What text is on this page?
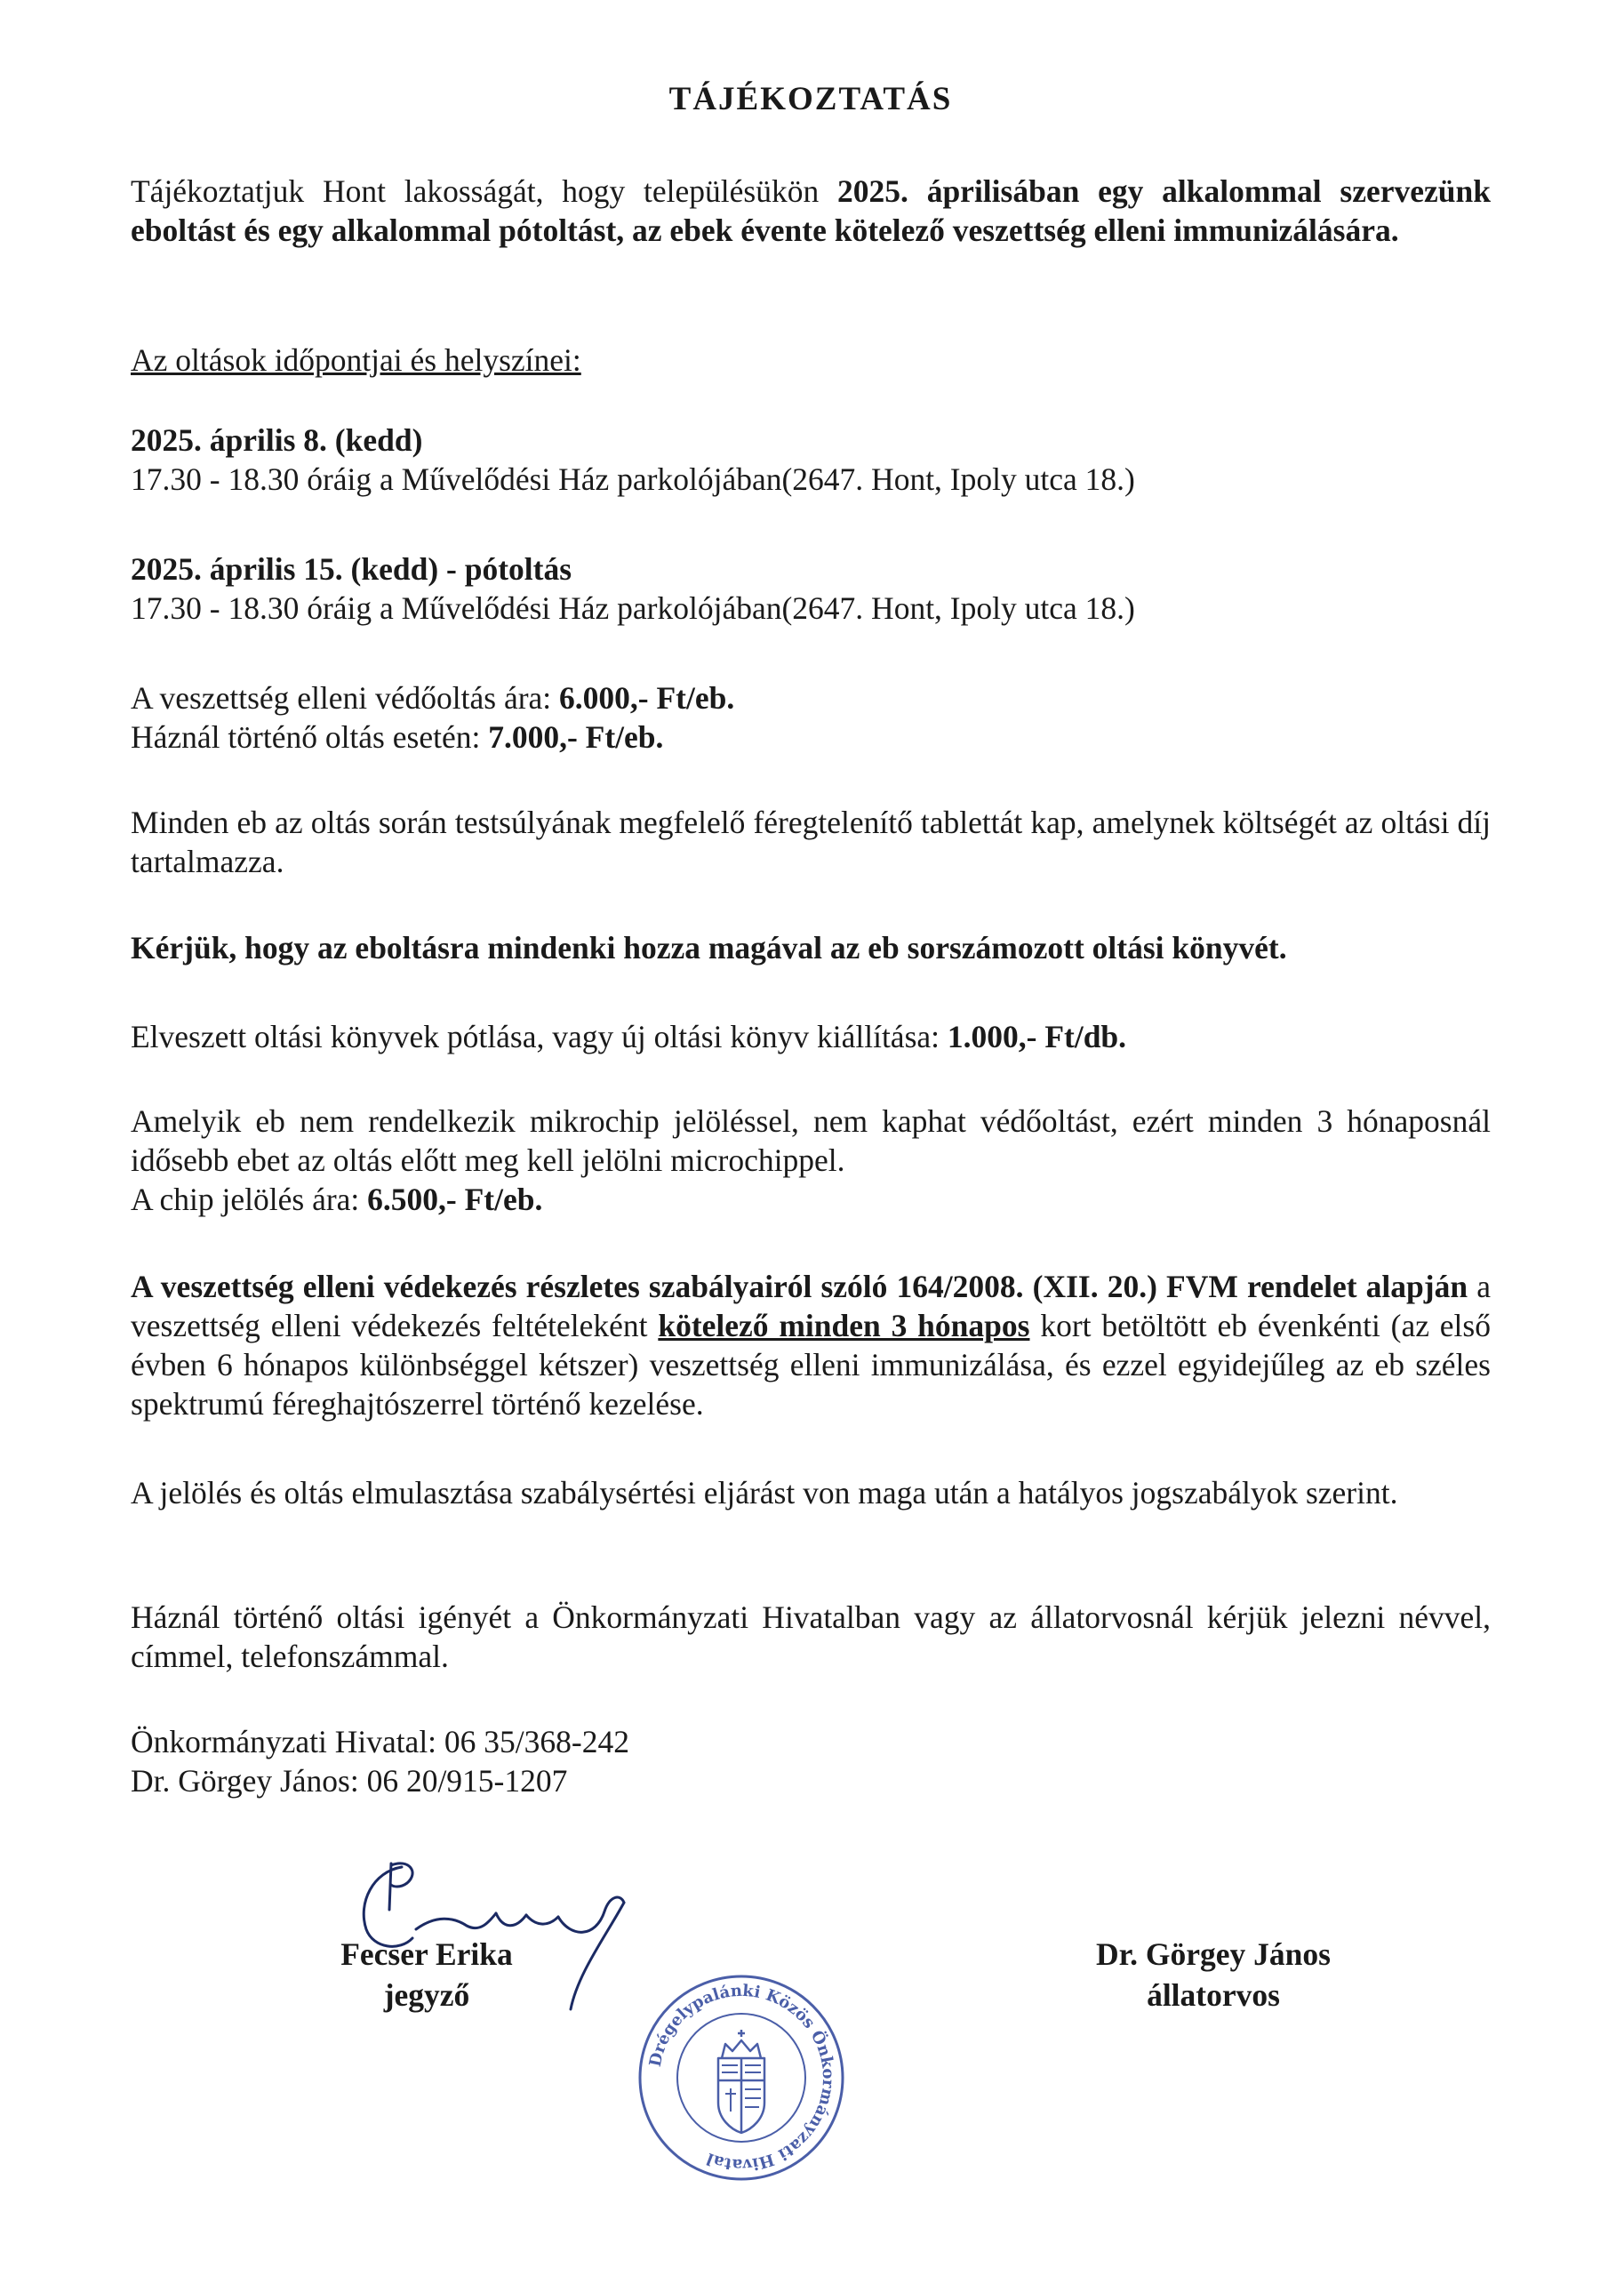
TÁJÉKOZTATÁS

Tájékoztatjuk Hont lakosságát, hogy településükön 2025. áprilisában egy alkalommal szervezünk eboltást és egy alkalommal pótoltást, az ebek évente kötelező veszettség elleni immunizálására.

Az oltások időpontjai és helyszínei:
2025. április 8. (kedd)
17.30 - 18.30 óráig a Művelődési Ház parkolójában(2647. Hont, Ipoly utca 18.)
2025. április 15. (kedd) - pótoltás
17.30 - 18.30 óráig a Művelődési Ház parkolójában(2647. Hont, Ipoly utca 18.)
A veszettség elleni védőoltás ára: 6.000,- Ft/eb.
Háznál történő oltás esetén: 7.000,- Ft/eb.

Minden eb az oltás során testsúlyának megfelelő féregtelenítő tablettát kap, amelynek költségét az oltási díj tartalmazza.

Kérjük, hogy az eboltásra mindenki hozza magával az eb sorszámozott oltási könyvét.

Elveszett oltási könyvek pótlása, vagy új oltási könyv kiállítása: 1.000,- Ft/db.

Amelyik eb nem rendelkezik mikrochip jelöléssel, nem kaphat védőoltást, ezért minden 3 hónaposnál idősebb ebet az oltás előtt meg kell jelölni microchippel.

A chip jelölés ára: 6.500,- Ft/eb.

A veszettség elleni védekezés részletes szabályairól szóló 164/2008. (XII. 20.) FVM rendelet alapján a veszettség elleni védekezés feltételeként kötelező minden 3 hónapos kort betöltött eb évenkénti (az első évben 6 hónapos különbséggel kétszer) veszettség elleni immunizálása, és ezzel egyidejűleg az eb széles spektrumú féreghajtószerrel történő kezelése.

A jelölés és oltás elmulasztása szabálysértési eljárást von maga után a hatályos jogszabályok szerint.

Háznál történő oltási igényét a Önkormányzati Hivatalban vagy az állatorvosnál kérjük jelezni névvel, címmel, telefonszámmal.

Önkormányzati Hivatal: 06 35/368-242
Dr. Görgey János: 06 20/915-1207
Fecser Erika
jegyző
Dr. Görgey János
állatorvos
Drégelypalánki Közös Önkormányzati Hivatal
